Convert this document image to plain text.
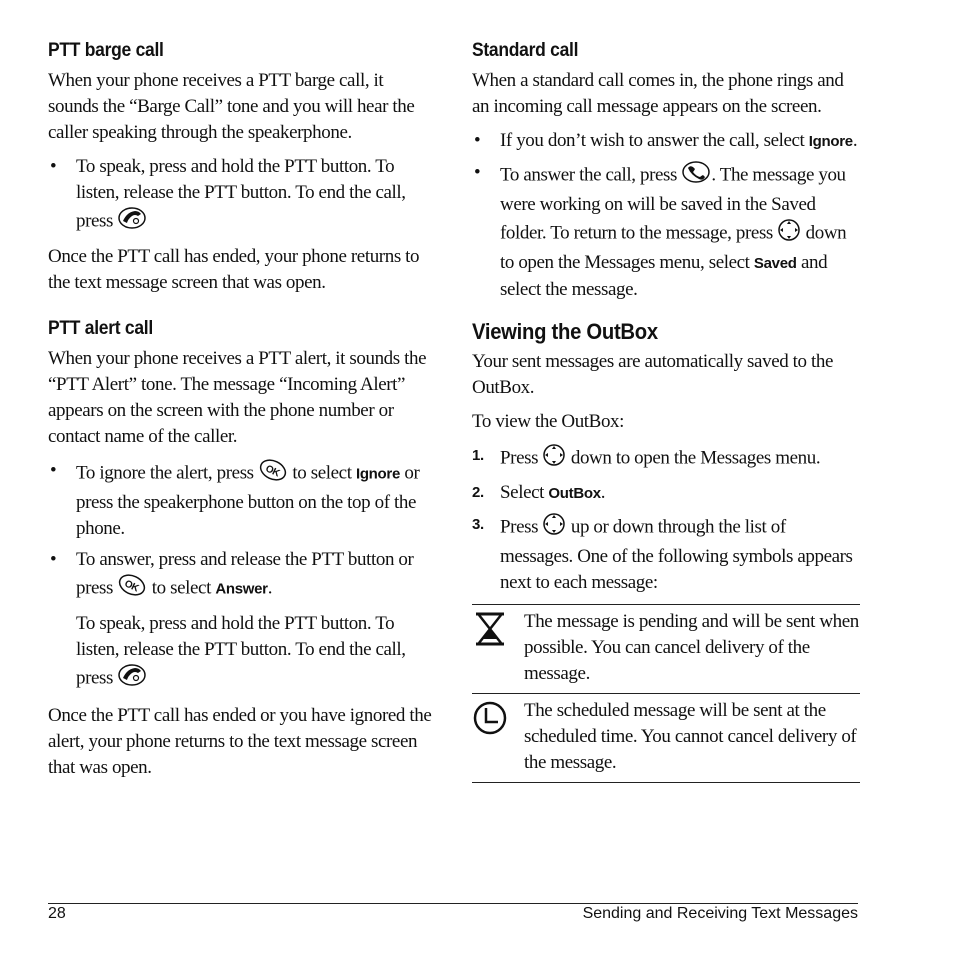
PTT barge call

When your phone receives a PTT barge call, it sounds the “Barge Call” tone and you will hear the caller speaking through the speakerphone.

• To speak, press and hold the PTT button. To listen, release the PTT button. To end the call, press

Once the PTT call has ended, your phone returns to the text message screen that was open.

PTT alert call

When your phone receives a PTT alert, it sounds the “PTT Alert” tone. The message “Incoming Alert” appears on the screen with the phone number or contact name of the caller.

• To ignore the alert, press OK to select Ignore or press the speakerphone button on the top of the phone.
• To answer, press and release the PTT button or press OK to select Answer.

To speak, press and hold the PTT button. To listen, release the PTT button. To end the call, press

Once the PTT call has ended or you have ignored the alert, your phone returns to the text message screen that was open.

Standard call

When a standard call comes in, the phone rings and an incoming call message appears on the screen.

• If you don’t wish to answer the call, select Ignore.
• To answer the call, press . The message you were working on will be saved in the Saved folder. To return to the message, press down to open the Messages menu, select Saved and select the message.
Viewing the OutBox

Your sent messages are automatically saved to the OutBox.

To view the OutBox:

1. Press down to open the Messages menu.
2. Select OutBox.
3. Press up or down through the list of messages. One of the following symbols appears next to each message:
The message is pending and will be sent when possible. You can cancel delivery of the message.
The scheduled message will be sent at the scheduled time. You cannot cancel delivery of the message.
28	Sending and Receiving Text Messages
